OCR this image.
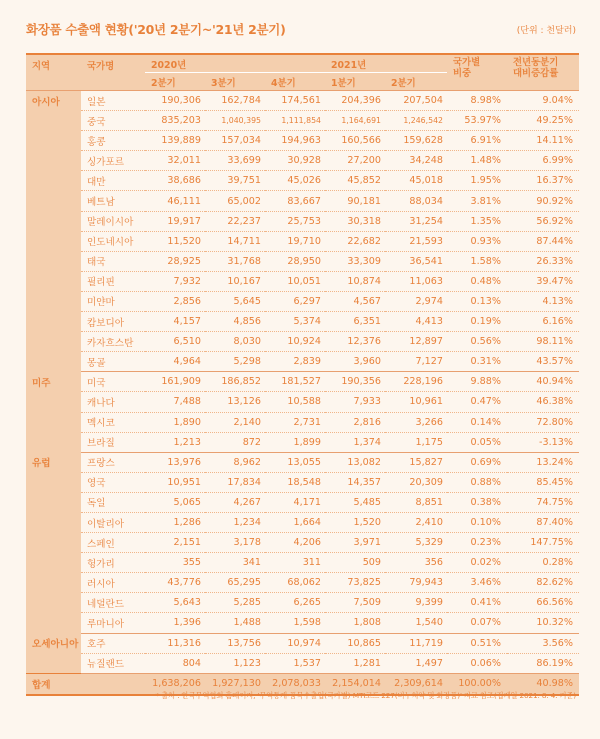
화장품 수출액 현황('20년 2분기~'21년 2분기)	(단위 : 천달러)
지역	국가명	2020년			2021년		국가별
비중	전년동분기
대비증감률
		2분기	3분기	4분기	1분기	2분기		
아시아	일본	190,306	162,784	174,561	204,396	207,504	8.98%	9.04%
	중국	835,203	1,040,395	1,111,854	1,164,691	1,246,542	53.97%	49.25%
	홍콩	139,889	157,034	194,963	160,566	159,628	6.91%	14.11%
	싱가포르	32,011	33,699	30,928	27,200	34,248	1.48%	6.99%
	대만	38,686	39,751	45,026	45,852	45,018	1.95%	16.37%
	베트남	46,111	65,002	83,667	90,181	88,034	3.81%	90.92%
	말레이시아	19,917	22,237	25,753	30,318	31,254	1.35%	56.92%
	인도네시아	11,520	14,711	19,710	22,682	21,593	0.93%	87.44%
	태국	28,925	31,768	28,950	33,309	36,541	1.58%	26.33%
	필리핀	7,932	10,167	10,051	10,874	11,063	0.48%	39.47%
	미얀마	2,856	5,645	6,297	4,567	2,974	0.13%	4.13%
	캄보디아	4,157	4,856	5,374	6,351	4,413	0.19%	6.16%
	카자흐스탄	6,510	8,030	10,924	12,376	12,897	0.56%	98.11%
	몽골	4,964	5,298	2,839	3,960	7,127	0.31%	43.57%
미주	미국	161,909	186,852	181,527	190,356	228,196	9.88%	40.94%
	캐나다	7,488	13,126	10,588	7,933	10,961	0.47%	46.38%
	멕시코	1,890	2,140	2,731	2,816	3,266	0.14%	72.80%
	브라질	1,213	872	1,899	1,374	1,175	0.05%	-3.13%
유럽	프랑스	13,976	8,962	13,055	13,082	15,827	0.69%	13.24%
	영국	10,951	17,834	18,548	14,357	20,309	0.88%	85.45%
	독일	5,065	4,267	4,171	5,485	8,851	0.38%	74.75%
	이탈리아	1,286	1,234	1,664	1,520	2,410	0.10%	87.40%
	스페인	2,151	3,178	4,206	3,971	5,329	0.23%	147.75%
	헝가리	355	341	311	509	356	0.02%	0.28%
	러시아	43,776	65,295	68,062	73,825	79,943	3.46%	82.62%
	네덜란드	5,643	5,285	6,265	7,509	9,399	0.41%	66.56%
	루마니아	1,396	1,488	1,598	1,808	1,540	0.07%	10.32%
오세아니아	호주	11,316	13,756	10,974	10,865	11,719	0.51%	3.56%
	뉴질랜드	804	1,123	1,537	1,281	1,497	0.06%	86.19%
합계		1,638,206	1,927,130	2,078,033	2,154,014	2,309,614	100.00%	40.98%
* 출처 : 한국무역협회 홈페이지, '무역통계-품목수출입(국가별)-MTI코드 227(비누치약 및 화장품)' 자료 참조(집계일 2021. 8. 4. 기준)
